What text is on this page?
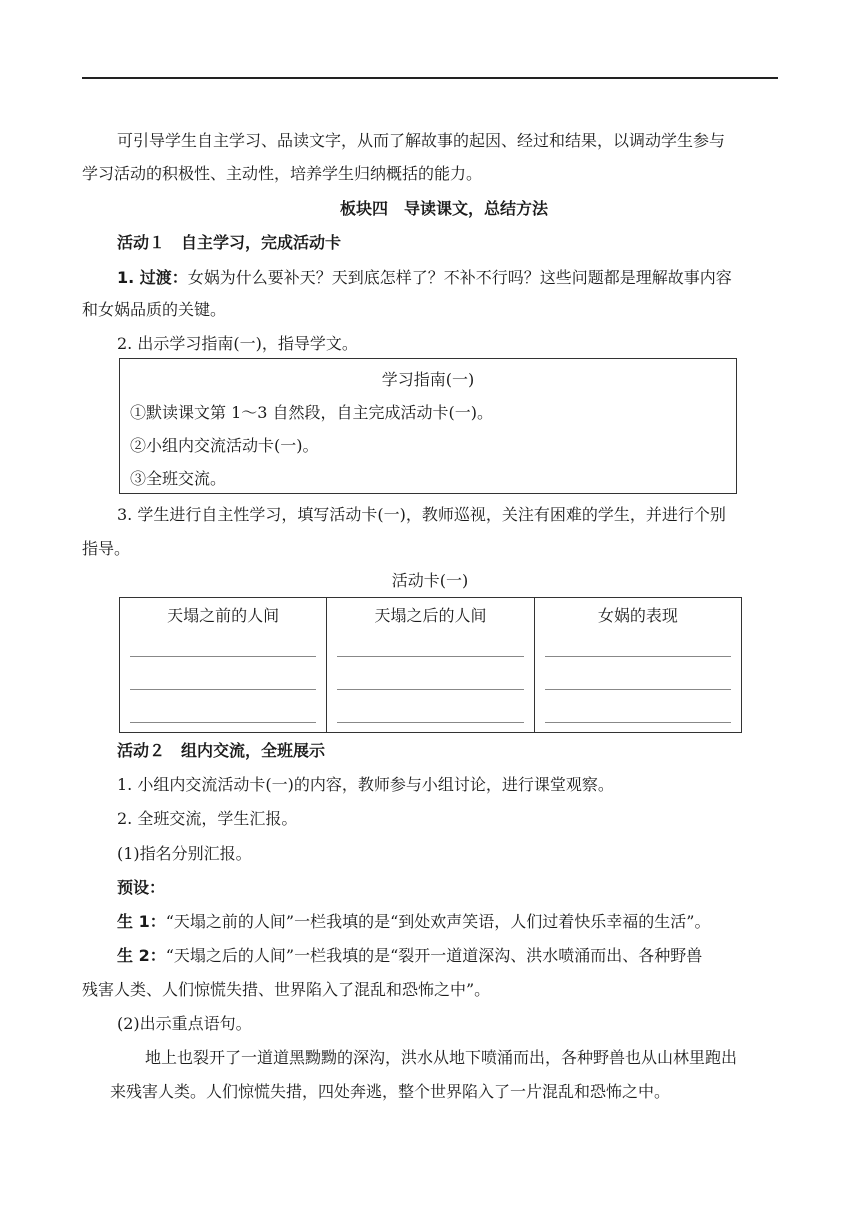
可引导学生自主学习、品读文字，从而了解故事的起因、经过和结果，以调动学生参与
学习活动的积极性、主动性，培养学生归纳概括的能力。
板块四　导读课文，总结方法
活动１　自主学习，完成活动卡
1. 过渡：女娲为什么要补天？天到底怎样了？不补不行吗？这些问题都是理解故事内容
和女娲品质的关键。
2. 出示学习指南(一)，指导学文。
学习指南(一)
①默读课文第 1～3 自然段，自主完成活动卡(一)。
②小组内交流活动卡(一)。
③全班交流。
3. 学生进行自主性学习，填写活动卡(一)，教师巡视，关注有困难的学生，并进行个别
指导。
活动卡(一)
天塌之前的人间	天塌之后的人间	女娲的表现
活动２　组内交流，全班展示
1. 小组内交流活动卡(一)的内容，教师参与小组讨论，进行课堂观察。
2. 全班交流，学生汇报。
(1)指名分别汇报。
预设：
生 1：“天塌之前的人间”一栏我填的是“到处欢声笑语，人们过着快乐幸福的生活”。
生 2：“天塌之后的人间”一栏我填的是“裂开一道道深沟、洪水喷涌而出、各种野兽
残害人类、人们惊慌失措、世界陷入了混乱和恐怖之中”。
(2)出示重点语句。
地上也裂开了一道道黑黝黝的深沟，洪水从地下喷涌而出，各种野兽也从山林里跑出
来残害人类。人们惊慌失措，四处奔逃，整个世界陷入了一片混乱和恐怖之中。
